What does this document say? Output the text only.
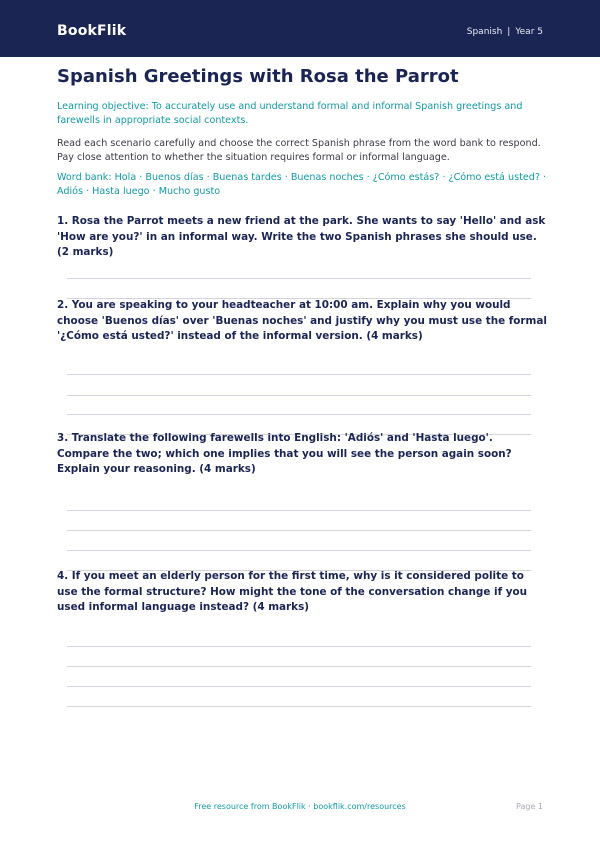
BookFlik	Spanish | Year 5
Spanish Greetings with Rosa the Parrot
Learning objective: To accurately use and understand formal and informal Spanish greetings and farewells in appropriate social contexts.
Read each scenario carefully and choose the correct Spanish phrase from the word bank to respond. Pay close attention to whether the situation requires formal or informal language.
Word bank: Hola · Buenos días · Buenas tardes · Buenas noches · ¿Cómo estás? · ¿Cómo está usted? · Adiós · Hasta luego · Mucho gusto
1. Rosa the Parrot meets a new friend at the park. She wants to say 'Hello' and ask 'How are you?' in an informal way. Write the two Spanish phrases she should use. (2 marks)
2. You are speaking to your headteacher at 10:00 am. Explain why you would choose 'Buenos días' over 'Buenas noches' and justify why you must use the formal '¿Cómo está usted?' instead of the informal version. (4 marks)
3. Translate the following farewells into English: 'Adiós' and 'Hasta luego'. Compare the two; which one implies that you will see the person again soon? Explain your reasoning. (4 marks)
4. If you meet an elderly person for the first time, why is it considered polite to use the formal structure? How might the tone of the conversation change if you used informal language instead? (4 marks)
Free resource from BookFlik · bookflik.com/resources	Page 1
